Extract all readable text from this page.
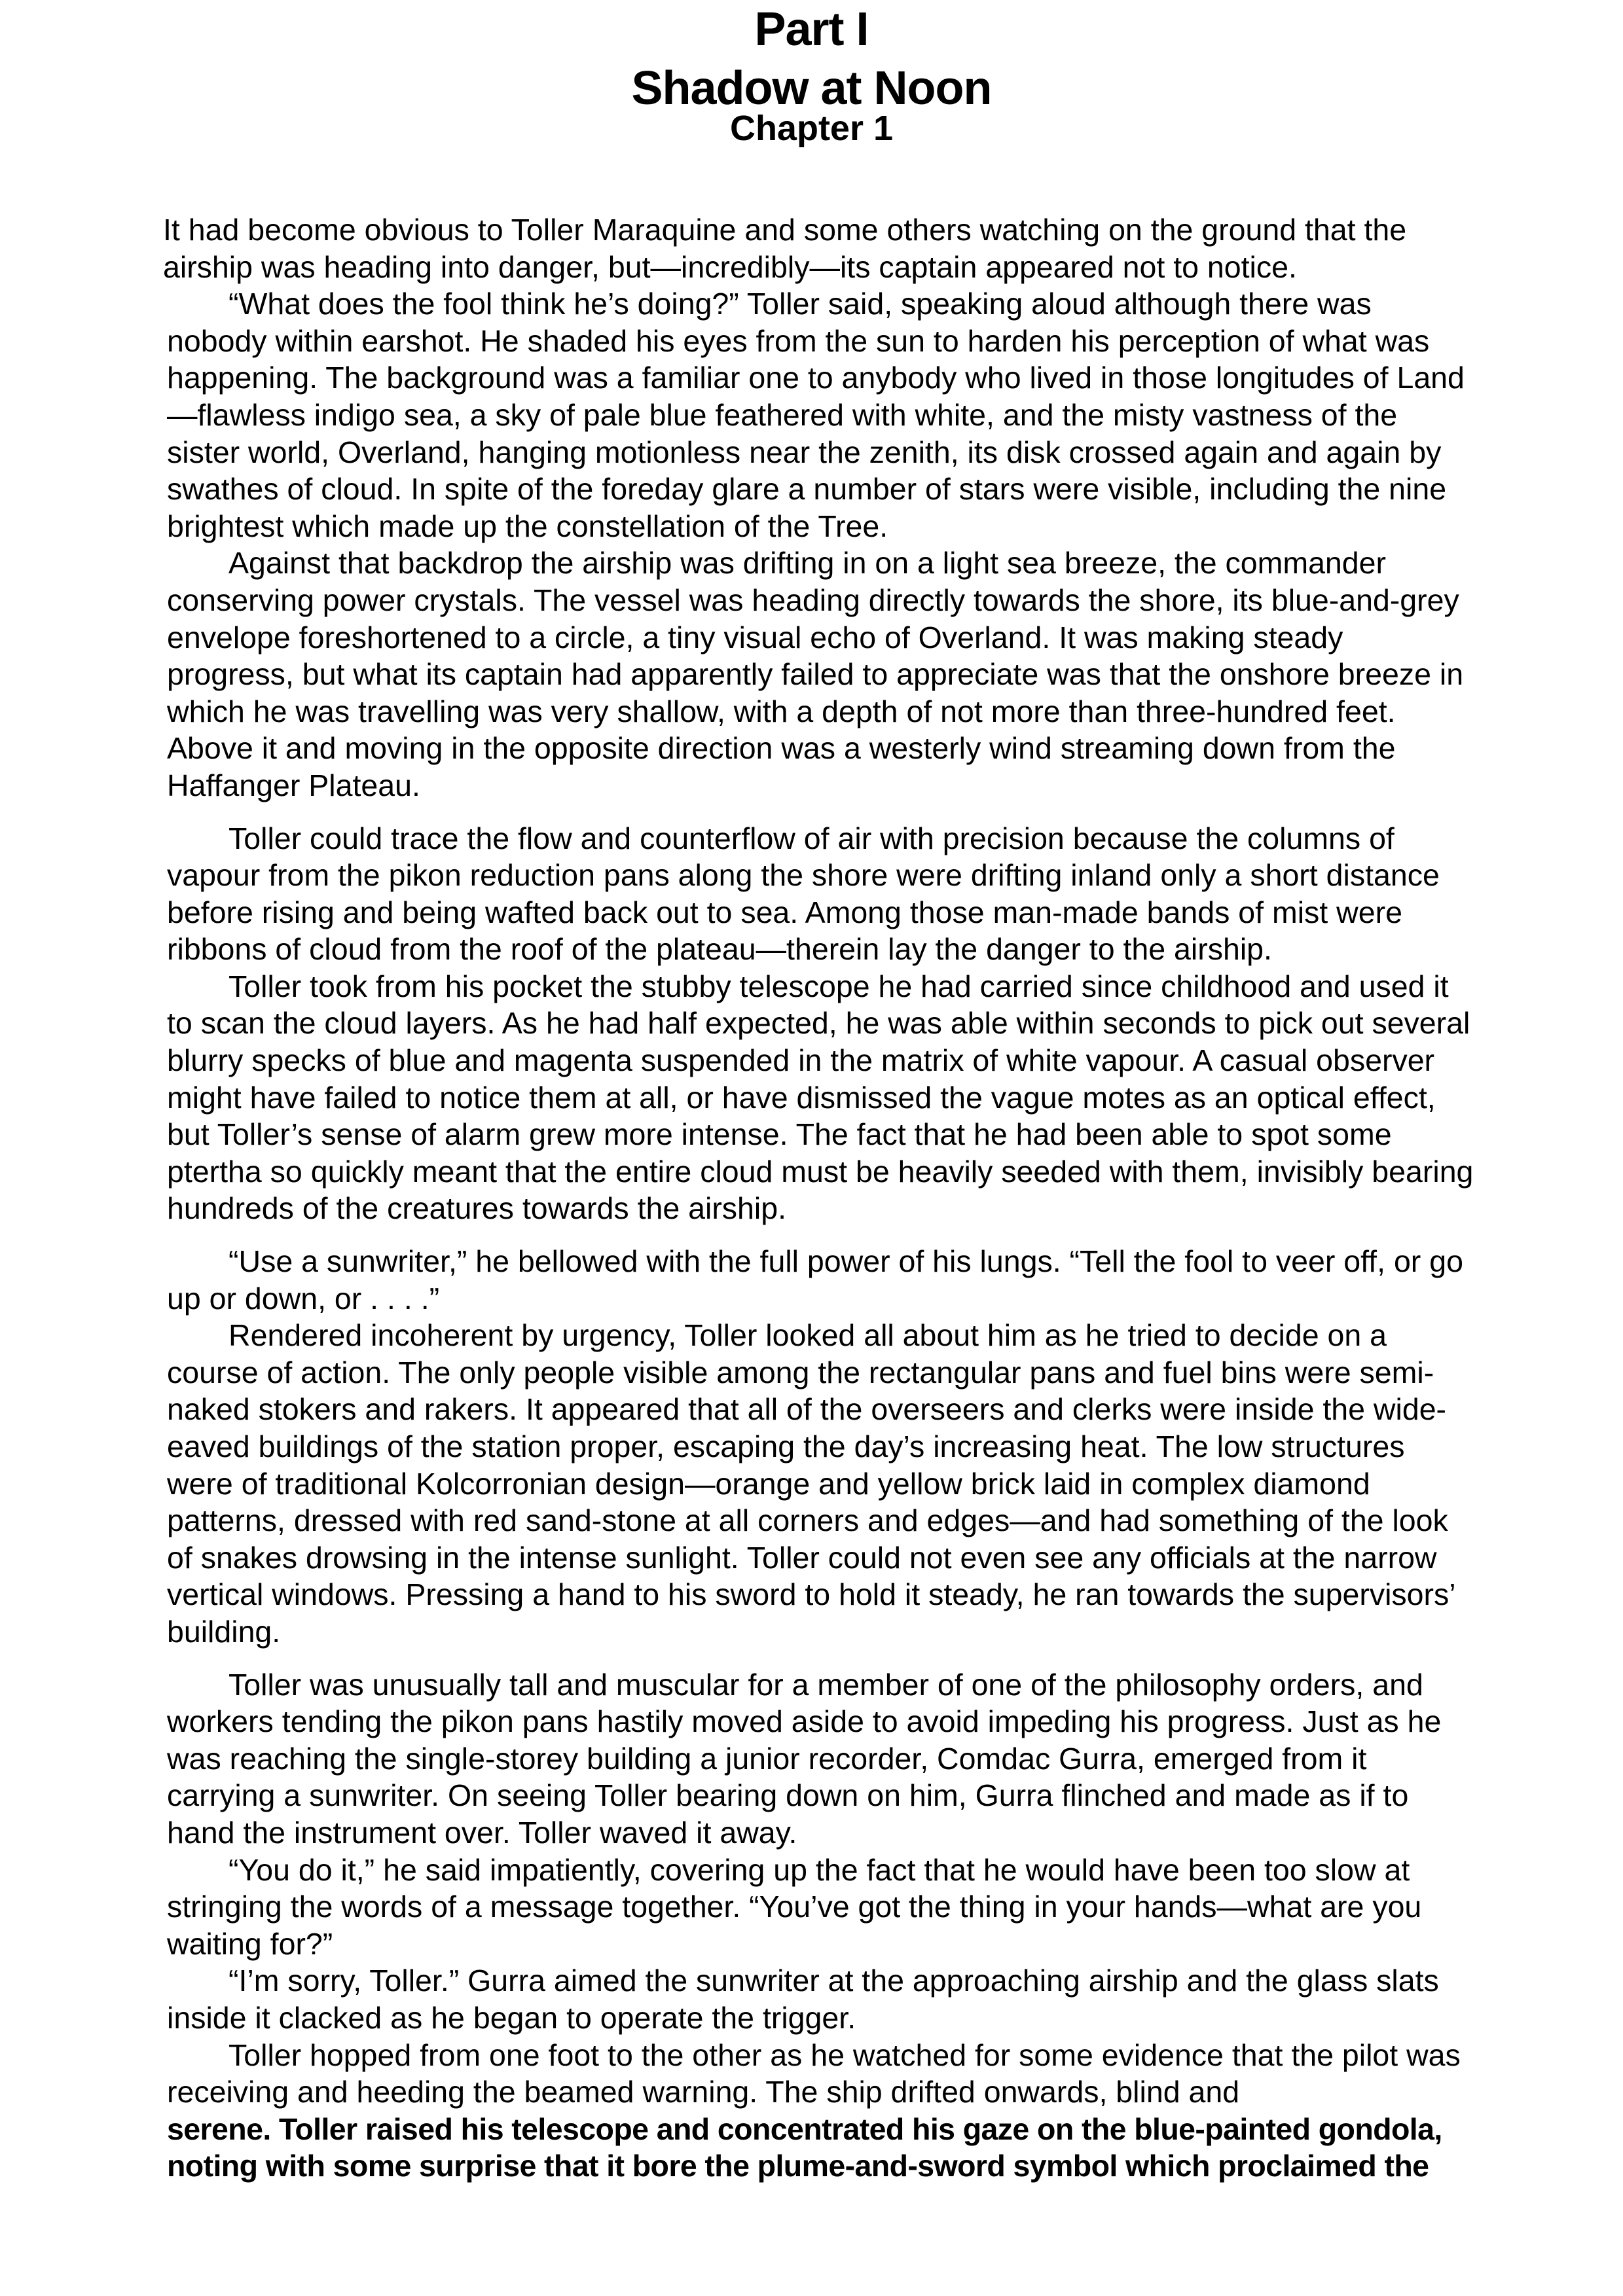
Part I
Shadow at Noon
Chapter 1

It had become obvious to Toller Maraquine and some others watching on the ground that the airship was heading into danger, but—incredibly—its captain appeared not to notice.

“What does the fool think he’s doing?” Toller said, speaking aloud although there was nobody within earshot. He shaded his eyes from the sun to harden his perception of what was happening. The background was a familiar one to anybody who lived in those longitudes of Land—flawless indigo sea, a sky of pale blue feathered with white, and the misty vastness of the sister world, Overland, hanging motionless near the zenith, its disk crossed again and again by swathes of cloud. In spite of the foreday glare a number of stars were visible, including the nine brightest which made up the constellation of the Tree.

Against that backdrop the airship was drifting in on a light sea breeze, the commander conserving power crystals. The vessel was heading directly towards the shore, its blue-and-grey envelope foreshortened to a circle, a tiny visual echo of Overland. It was making steady progress, but what its captain had apparently failed to appreciate was that the onshore breeze in which he was travelling was very shallow, with a depth of not more than three-hundred feet. Above it and moving in the opposite direction was a westerly wind streaming down from the Haffanger Plateau.

Toller could trace the flow and counterflow of air with precision because the columns of vapour from the pikon reduction pans along the shore were drifting inland only a short distance before rising and being wafted back out to sea. Among those man-made bands of mist were ribbons of cloud from the roof of the plateau—therein lay the danger to the airship.

Toller took from his pocket the stubby telescope he had carried since childhood and used it to scan the cloud layers. As he had half expected, he was able within seconds to pick out several blurry specks of blue and magenta suspended in the matrix of white vapour. A casual observer might have failed to notice them at all, or have dismissed the vague motes as an optical effect, but Toller’s sense of alarm grew more intense. The fact that he had been able to spot some ptertha so quickly meant that the entire cloud must be heavily seeded with them, invisibly bearing hundreds of the creatures towards the airship.

“Use a sunwriter,” he bellowed with the full power of his lungs. “Tell the fool to veer off, or go up or down, or . . . .”

Rendered incoherent by urgency, Toller looked all about him as he tried to decide on a course of action. The only people visible among the rectangular pans and fuel bins were semi-naked stokers and rakers. It appeared that all of the overseers and clerks were inside the wide-eaved buildings of the station proper, escaping the day’s increasing heat. The low structures were of traditional Kolcorronian design—orange and yellow brick laid in complex diamond patterns, dressed with red sand-stone at all corners and edges—and had something of the look of snakes drowsing in the intense sunlight. Toller could not even see any officials at the narrow vertical windows. Pressing a hand to his sword to hold it steady, he ran towards the supervisors’ building.

Toller was unusually tall and muscular for a member of one of the philosophy orders, and workers tending the pikon pans hastily moved aside to avoid impeding his progress. Just as he was reaching the single-storey building a junior recorder, Comdac Gurra, emerged from it carrying a sunwriter. On seeing Toller bearing down on him, Gurra flinched and made as if to hand the instrument over. Toller waved it away.

“You do it,” he said impatiently, covering up the fact that he would have been too slow at stringing the words of a message together. “You’ve got the thing in your hands—what are you waiting for?”

“I’m sorry, Toller.” Gurra aimed the sunwriter at the approaching airship and the glass slats inside it clacked as he began to operate the trigger.

Toller hopped from one foot to the other as he watched for some evidence that the pilot was receiving and heeding the beamed warning. The ship drifted onwards, blind and

serene. Toller raised his telescope and concentrated his gaze on the blue-painted gondola, noting with some surprise that it bore the plume-and-sword symbol which proclaimed the
